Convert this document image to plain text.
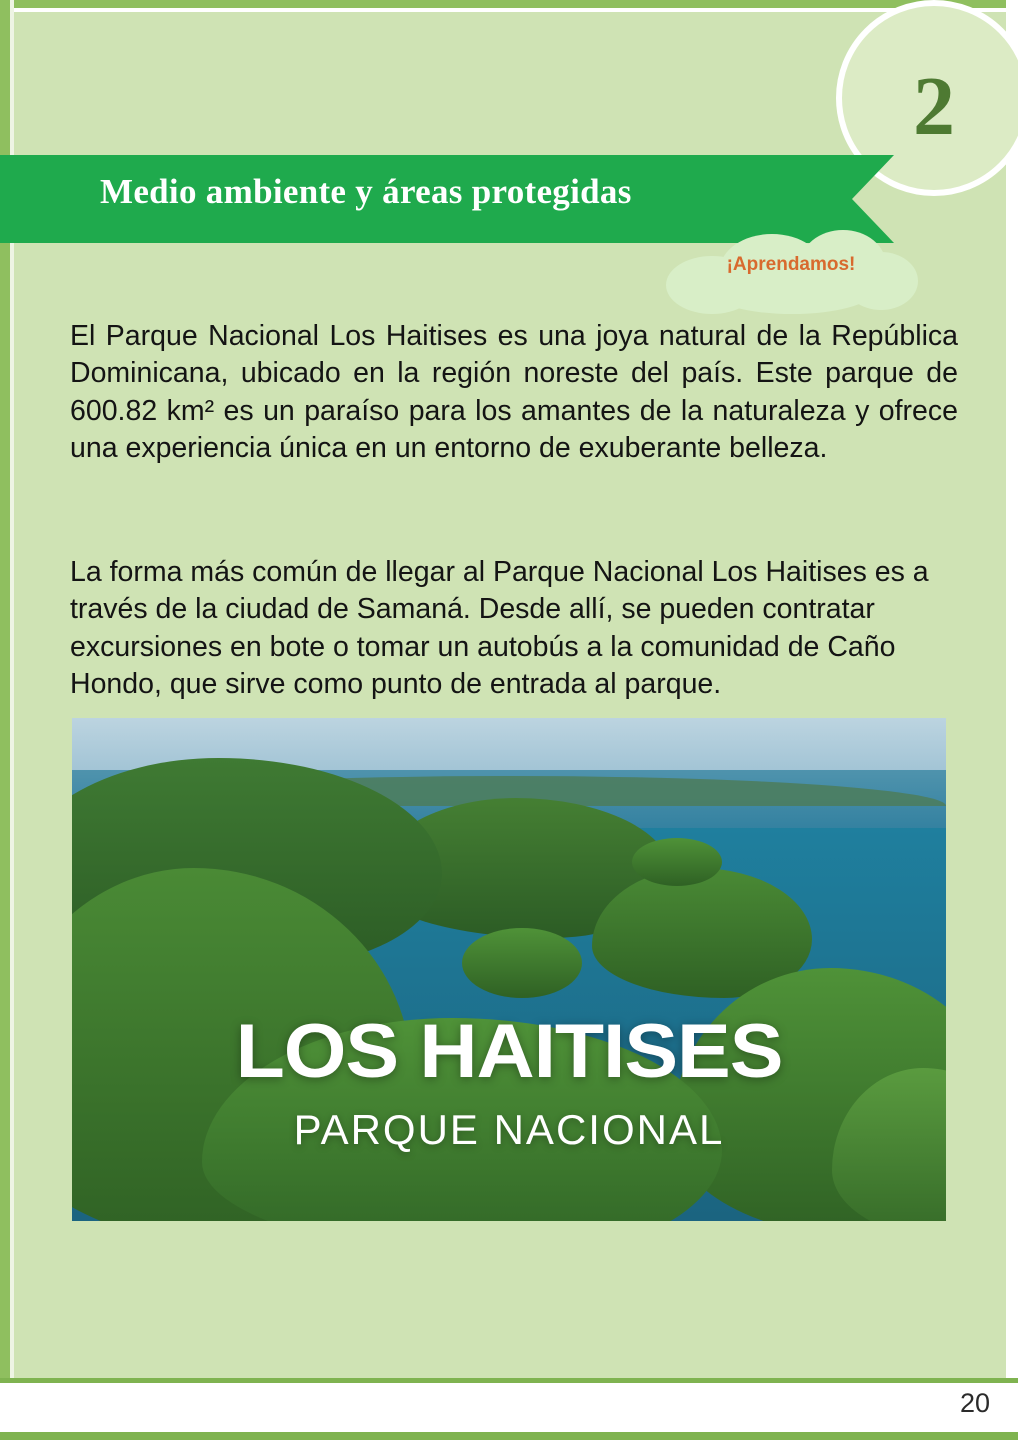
2
Medio ambiente y áreas protegidas
¡Aprendamos!

El Parque Nacional Los Haitises es una joya natural de la República Dominicana, ubicado en la región noreste del país. Este parque de 600.82 km² es un paraíso para los amantes de la naturaleza y ofrece una experiencia única en un entorno de exuberante belleza.

La forma más común de llegar al Parque Nacional Los Haitises es a través de la ciudad de Samaná. Desde allí, se pueden contratar excursiones en bote o tomar un autobús a la comunidad de Caño Hondo, que sirve como punto de entrada al parque.

LOS HAITISES
PARQUE NACIONAL
20
